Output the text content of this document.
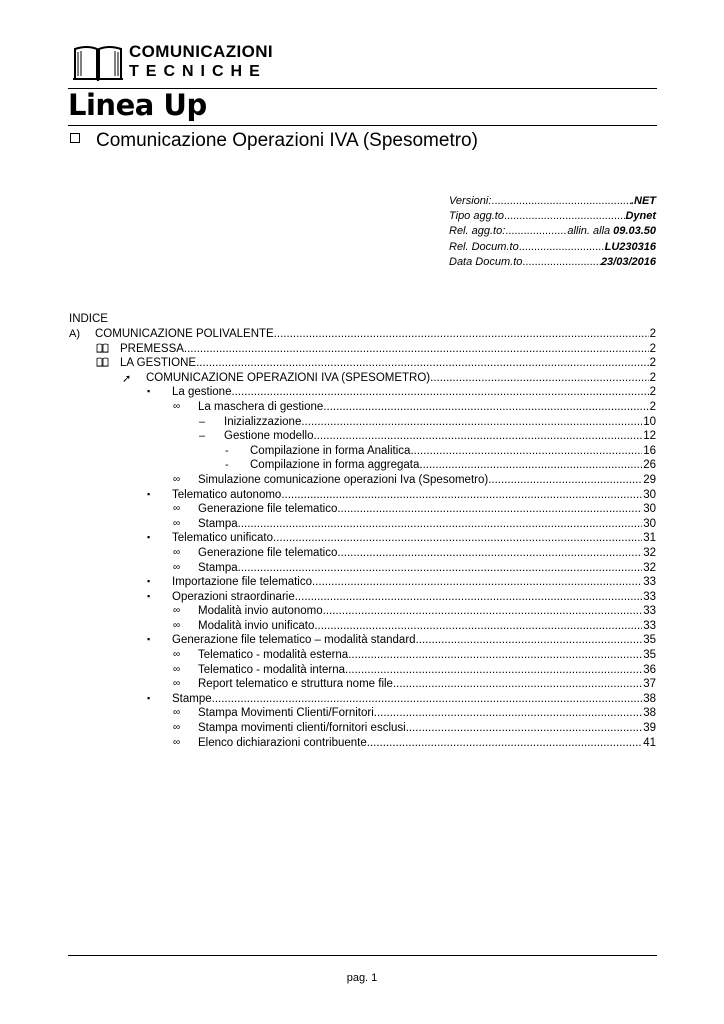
COMUNICAZIONI
TECNICHE
Linea Up
Comunicazione Operazioni IVA (Spesometro)
Versioni: .....	.NET
Tipo agg.to .....	Dynet
Rel. agg.to: .....	allin. alla 09.03.50
Rel. Docum.to .....	LU230316
Data Docum.to .....	23/03/2016
INDICE
A) COMUNICAZIONE POLIVALENTE .....	2
PREMESSA .....	2
LA GESTIONE .....	2
➚ COMUNICAZIONE OPERAZIONI IVA (SPESOMETRO) .....	2
▪ La gestione .....	2
∞ La maschera di gestione .....	2
– Inizializzazione .....	10
– Gestione modello .....	12
- Compilazione in forma Analitica .....	16
- Compilazione in forma aggregata .....	26
∞ Simulazione comunicazione operazioni Iva (Spesometro) .....	29
▪ Telematico autonomo .....	30
∞ Generazione file telematico .....	30
∞ Stampa .....	30
▪ Telematico unificato .....	31
∞ Generazione file telematico .....	32
∞ Stampa .....	32
▪ Importazione file telematico .....	33
▪ Operazioni straordinarie .....	33
∞ Modalità invio autonomo .....	33
∞ Modalità invio unificato .....	33
▪ Generazione file telematico – modalità standard .....	35
∞ Telematico - modalità esterna .....	35
∞ Telematico - modalità interna .....	36
∞ Report telematico e struttura nome file .....	37
▪ Stampe .....	38
∞ Stampa Movimenti Clienti/Fornitori .....	38
∞ Stampa movimenti clienti/fornitori esclusi .....	39
∞ Elenco dichiarazioni contribuente .....	41
pag. 1
